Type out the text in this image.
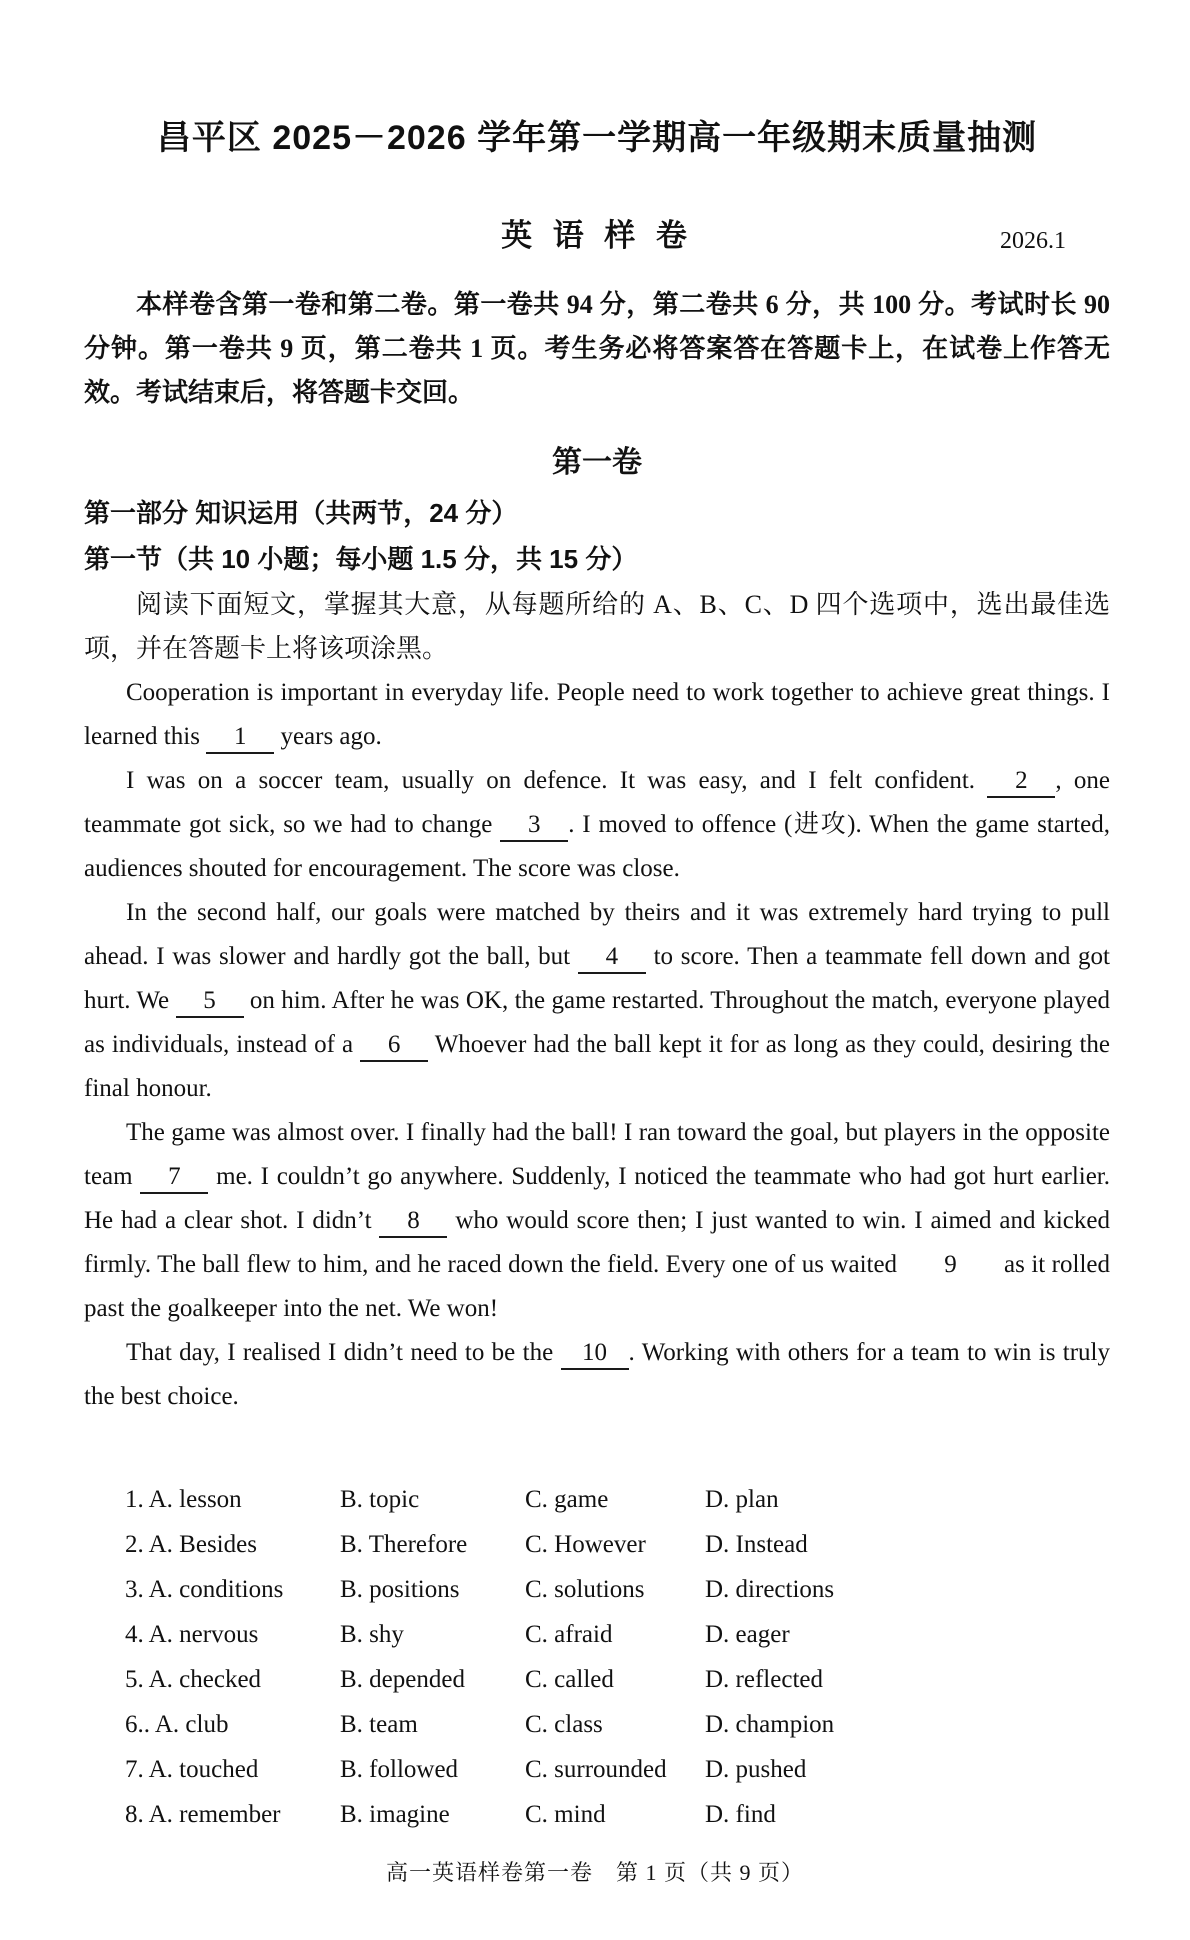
昌平区 2025－2026 学年第一学期高一年级期末质量抽测
英 语 样 卷	2026.1

本样卷含第一卷和第二卷。第一卷共 94 分，第二卷共 6 分，共 100 分。考试时长 90 分钟。第一卷共 9 页，第二卷共 1 页。考生务必将答案答在答题卡上，在试卷上作答无效。考试结束后，将答题卡交回。

第一卷
第一部分 知识运用（共两节，24 分）
第一节（共 10 小题；每小题 1.5 分，共 15 分）

阅读下面短文，掌握其大意，从每题所给的 A、B、C、D 四个选项中，选出最佳选项，并在答题卡上将该项涂黑。

Cooperation is important in everyday life. People need to work together to achieve great things. I learned this 1 years ago.

I was on a soccer team, usually on defence. It was easy, and I felt confident. 2 , one teammate got sick, so we had to change 3 . I moved to offence (进攻). When the game started, audiences shouted for encouragement. The score was close.

In the second half, our goals were matched by theirs and it was extremely hard trying to pull ahead. I was slower and hardly got the ball, but 4 to score. Then a teammate fell down and got hurt. We 5 on him. After he was OK, the game restarted. Throughout the match, everyone played as individuals, instead of a 6 Whoever had the ball kept it for as long as they could, desiring the final honour.

The game was almost over. I finally had the ball! I ran toward the goal, but players in the opposite team 7 me. I couldn’t go anywhere. Suddenly, I noticed the teammate who had got hurt earlier. He had a clear shot. I didn’t 8 who would score then; I just wanted to win. I aimed and kicked firmly. The ball flew to him, and he raced down the field. Every one of us waited 9 as it rolled past the goalkeeper into the net. We won!

That day, I realised I didn’t need to be the 10 . Working with others for a team to win is truly the best choice.

1. A. lesson	B. topic	C. game	D. plan
2. A. Besides	B. Therefore	C. However	D. Instead
3. A. conditions	B. positions	C. solutions	D. directions
4. A. nervous	B. shy	C. afraid	D. eager
5. A. checked	B. depended	C. called	D. reflected
6.. A. club	B. team	C. class	D. champion
7. A. touched	B. followed	C. surrounded	D. pushed
8. A. remember	B. imagine	C. mind	D. find
高一英语样卷第一卷　第 1 页（共 9 页）
